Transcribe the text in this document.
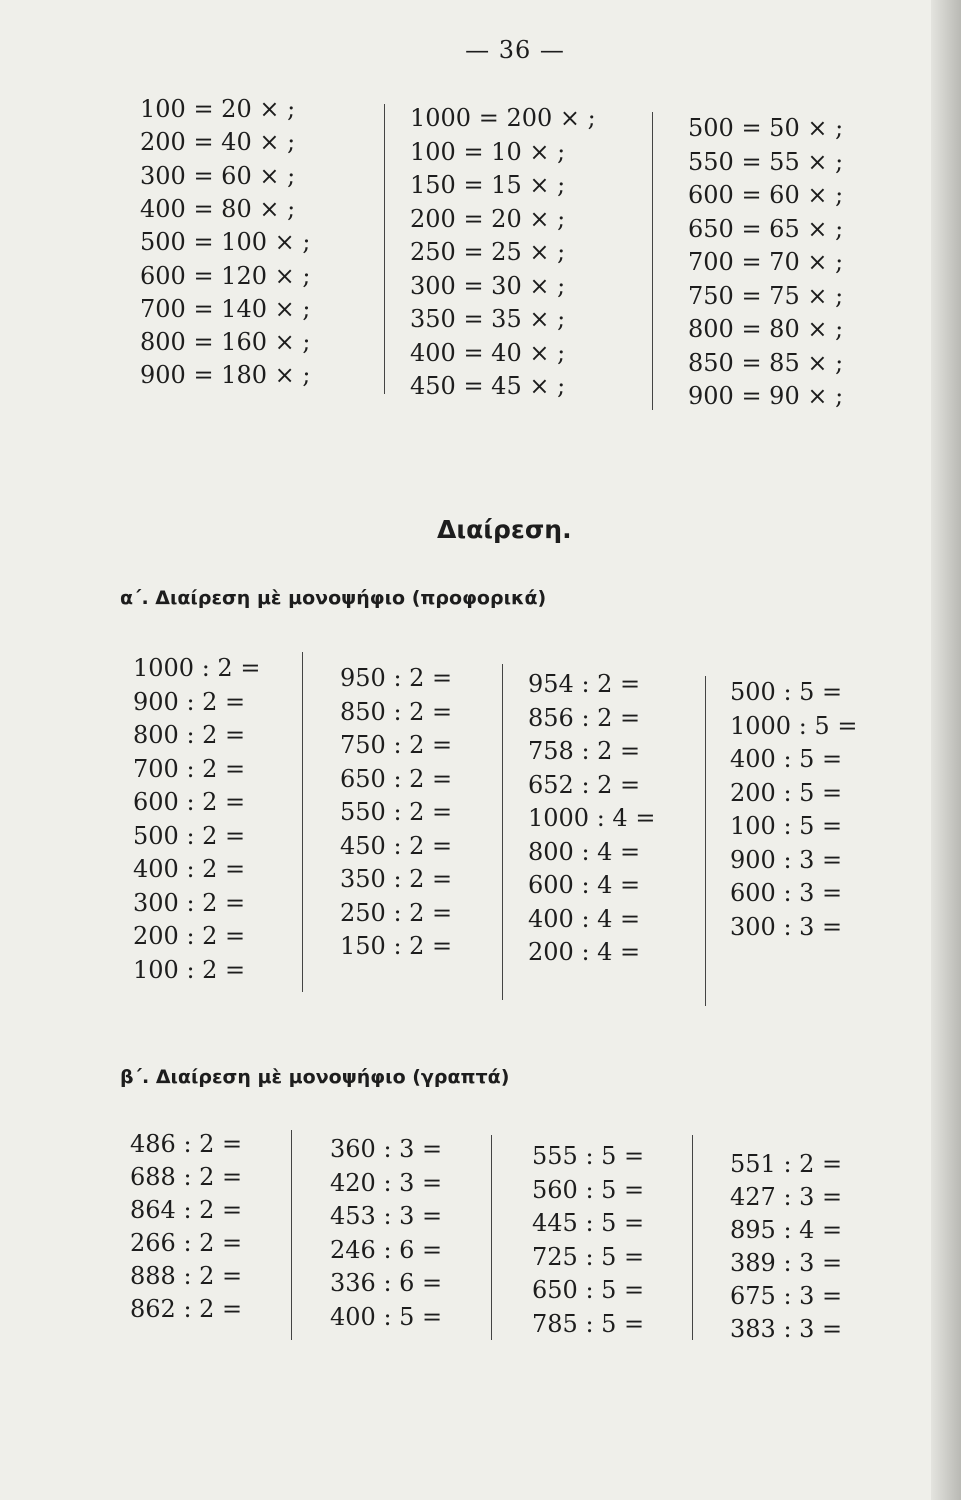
— 36 —
100 = 20 × ;
200 = 40 × ;
300 = 60 × ;
400 = 80 × ;
500 = 100 × ;
600 = 120 × ;
700 = 140 × ;
800 = 160 × ;
900 = 180 × ;
1000 = 200 × ;
100 = 10 × ;
150 = 15 × ;
200 = 20 × ;
250 = 25 × ;
300 = 30 × ;
350 = 35 × ;
400 = 40 × ;
450 = 45 × ;
500 = 50 × ;
550 = 55 × ;
600 = 60 × ;
650 = 65 × ;
700 = 70 × ;
750 = 75 × ;
800 = 80 × ;
850 = 85 × ;
900 = 90 × ;
Διαίρεση.
α΄. Διαίρεση μὲ μονοψήφιο (προφορικά)
1000 : 2 =
900 : 2 =
800 : 2 =
700 : 2 =
600 : 2 =
500 : 2 =
400 : 2 =
300 : 2 =
200 : 2 =
100 : 2 =
950 : 2 =
850 : 2 =
750 : 2 =
650 : 2 =
550 : 2 =
450 : 2 =
350 : 2 =
250 : 2 =
150 : 2 =
954 : 2 =
856 : 2 =
758 : 2 =
652 : 2 =
1000 : 4 =
800 : 4 =
600 : 4 =
400 : 4 =
200 : 4 =
500 : 5 =
1000 : 5 =
400 : 5 =
200 : 5 =
100 : 5 =
900 : 3 =
600 : 3 =
300 : 3 =
β΄. Διαίρεση μὲ μονοψήφιο (γραπτά)
486 : 2 =
688 : 2 =
864 : 2 =
266 : 2 =
888 : 2 =
862 : 2 =
360 : 3 =
420 : 3 =
453 : 3 =
246 : 6 =
336 : 6 =
400 : 5 =
555 : 5 =
560 : 5 =
445 : 5 =
725 : 5 =
650 : 5 =
785 : 5 =
551 : 2 =
427 : 3 =
895 : 4 =
389 : 3 =
675 : 3 =
383 : 3 =
